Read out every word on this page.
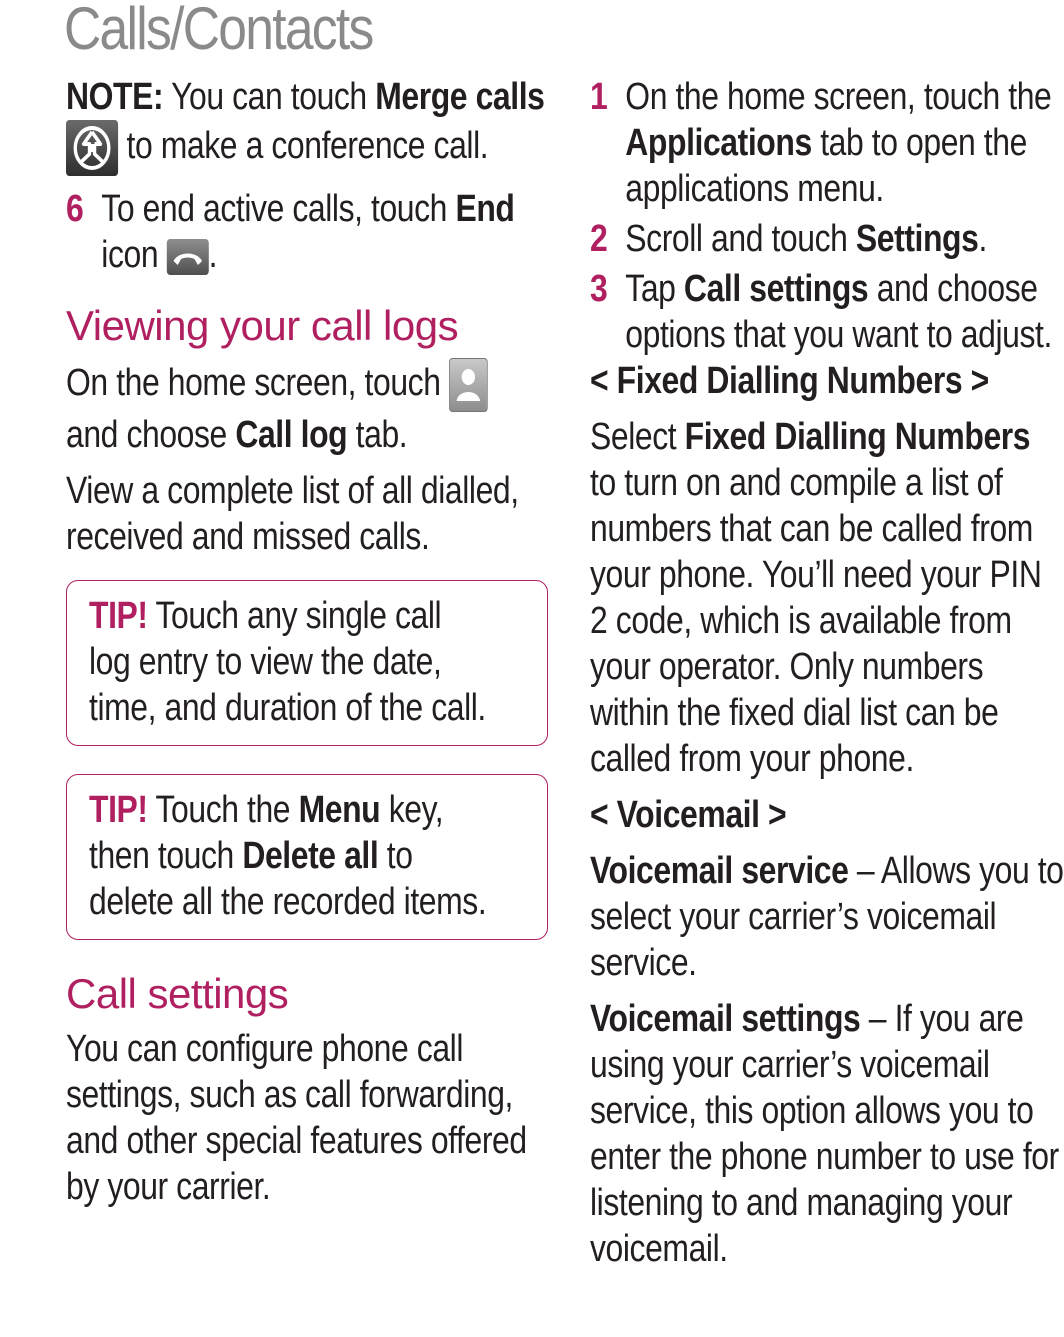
Calls/Contacts

NOTE: You can touch Merge calls
to make a conference call.

6 To end active calls, touch End
icon .

Viewing your call logs

On the home screen, touch
and choose Call log tab.

View a complete list of all dialled, received and missed calls.

TIP! Touch any single call log entry to view the date, time, and duration of the call.

TIP! Touch the Menu key, then touch Delete all to delete all the recorded items.

Call settings

You can configure phone call settings, such as call forwarding, and other special features offered by your carrier.

1 On the home screen, touch the Applications tab to open the applications menu.

2 Scroll and touch Settings.

3 Tap Call settings and choose options that you want to adjust.

< Fixed Dialling Numbers >

Select Fixed Dialling Numbers to turn on and compile a list of numbers that can be called from your phone. You’ll need your PIN 2 code, which is available from your operator. Only numbers within the fixed dial list can be called from your phone.

< Voicemail >

Voicemail service – Allows you to select your carrier’s voicemail service.

Voicemail settings – If you are using your carrier’s voicemail service, this option allows you to enter the phone number to use for listening to and managing your voicemail.
